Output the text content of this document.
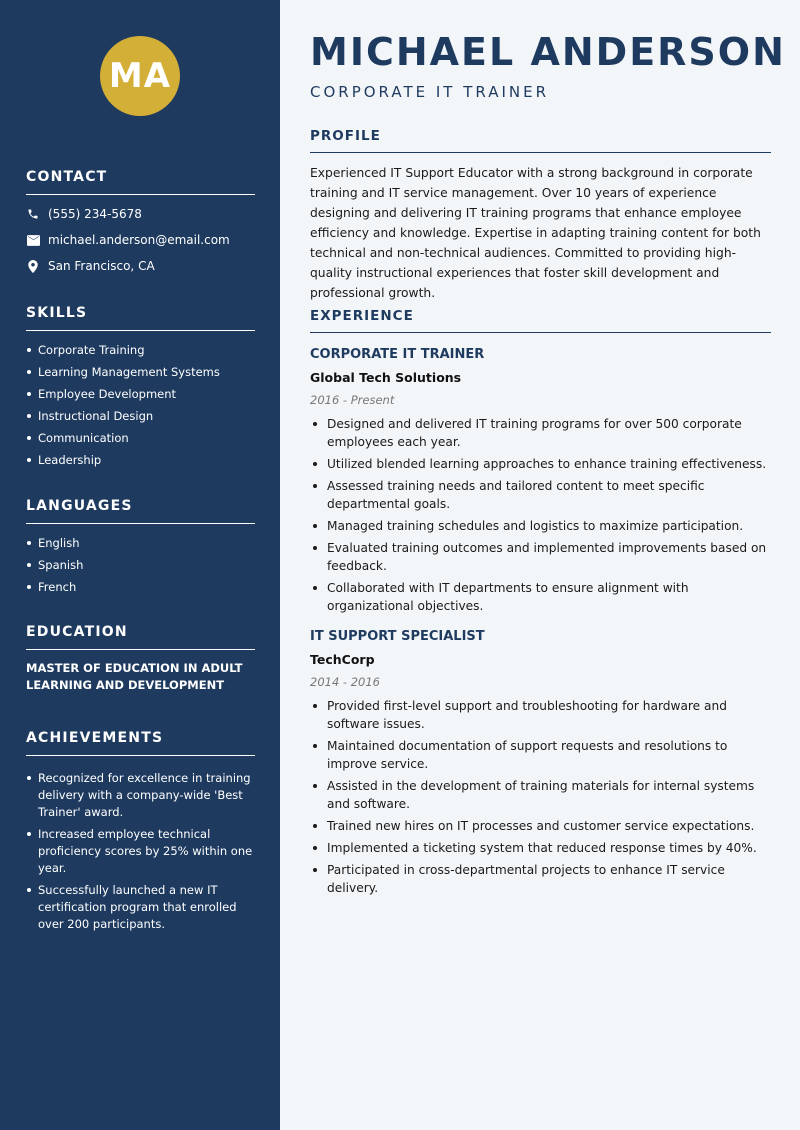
MA
CONTACT
(555) 234-5678
michael.anderson@email.com
San Francisco, CA
SKILLS
Corporate Training
Learning Management Systems
Employee Development
Instructional Design
Communication
Leadership
LANGUAGES
English
Spanish
French
EDUCATION
MASTER OF EDUCATION IN ADULT LEARNING AND DEVELOPMENT
ACHIEVEMENTS
Recognized for excellence in training delivery with a company-wide 'Best Trainer' award.
Increased employee technical proficiency scores by 25% within one year.
Successfully launched a new IT certification program that enrolled over 200 participants.
MICHAEL ANDERSON
CORPORATE IT TRAINER
PROFILE
Experienced IT Support Educator with a strong background in corporate training and IT service management. Over 10 years of experience designing and delivering IT training programs that enhance employee efficiency and knowledge. Expertise in adapting training content for both technical and non-technical audiences. Committed to providing high-quality instructional experiences that foster skill development and professional growth.
EXPERIENCE
CORPORATE IT TRAINER
Global Tech Solutions
2016 - Present
Designed and delivered IT training programs for over 500 corporate employees each year.
Utilized blended learning approaches to enhance training effectiveness.
Assessed training needs and tailored content to meet specific departmental goals.
Managed training schedules and logistics to maximize participation.
Evaluated training outcomes and implemented improvements based on feedback.
Collaborated with IT departments to ensure alignment with organizational objectives.
IT SUPPORT SPECIALIST
TechCorp
2014 - 2016
Provided first-level support and troubleshooting for hardware and software issues.
Maintained documentation of support requests and resolutions to improve service.
Assisted in the development of training materials for internal systems and software.
Trained new hires on IT processes and customer service expectations.
Implemented a ticketing system that reduced response times by 40%.
Participated in cross-departmental projects to enhance IT service delivery.
